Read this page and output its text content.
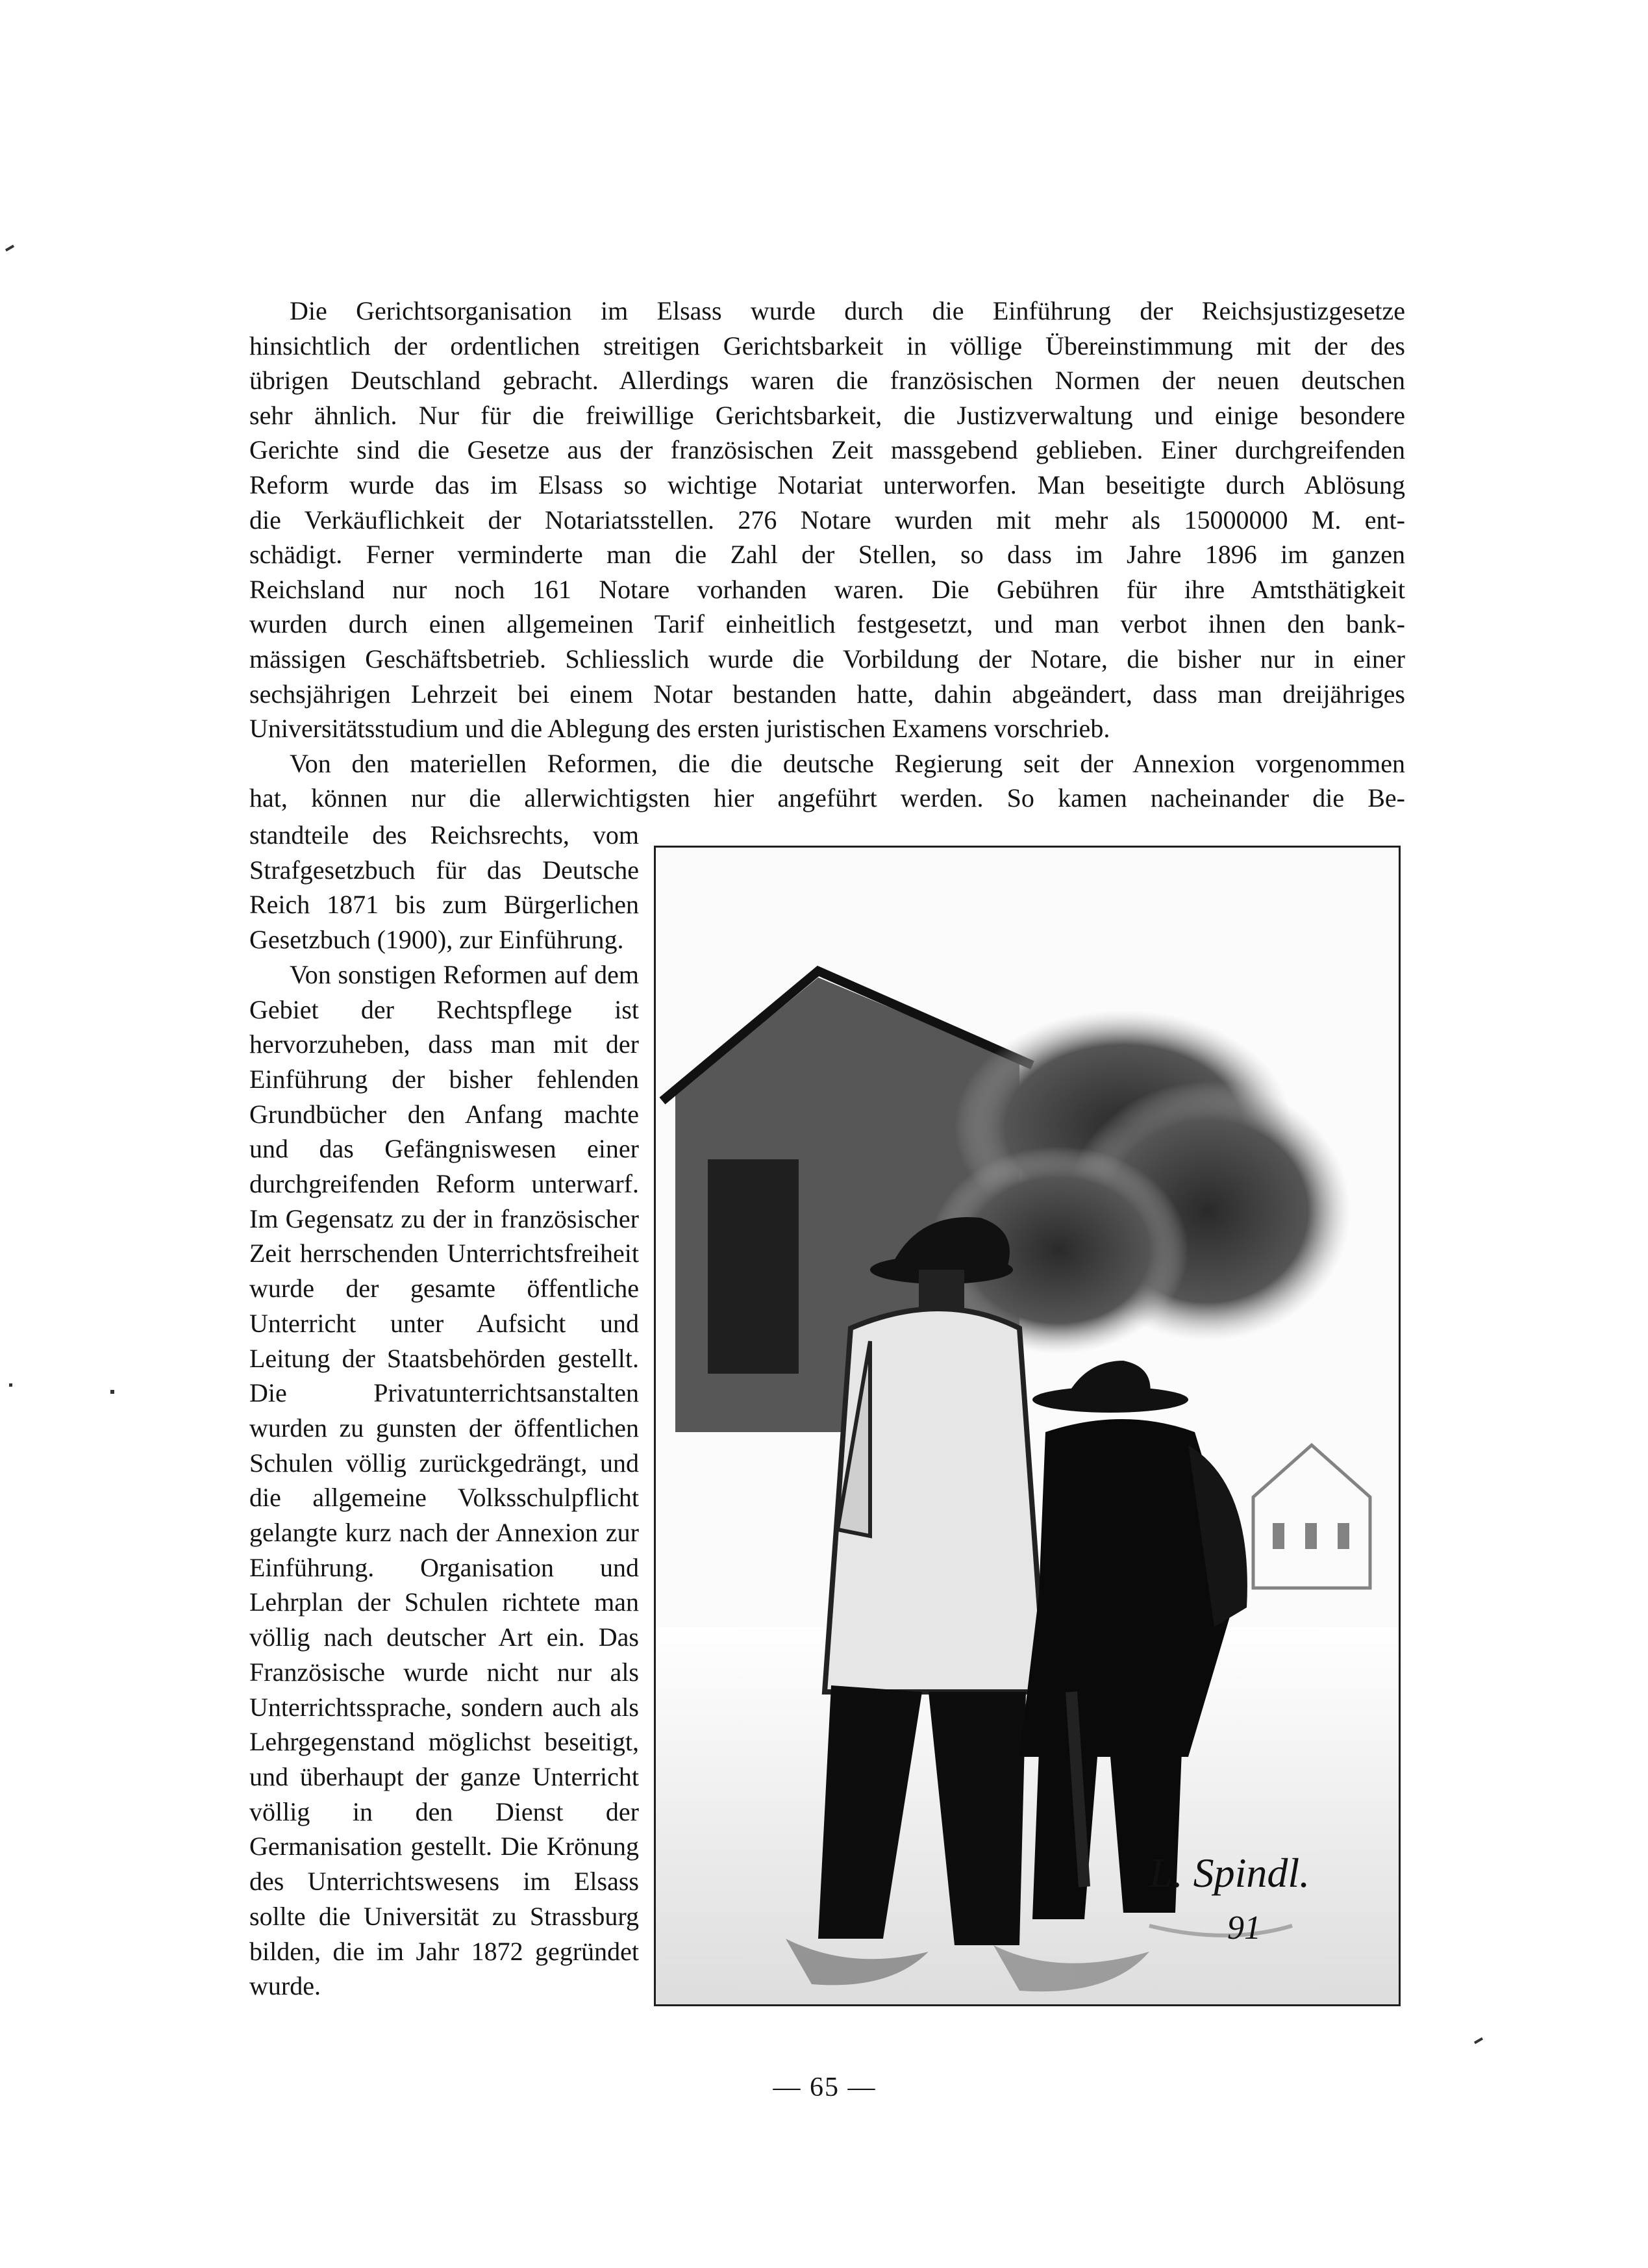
Die Gerichtsorganisation im Elsass wurde durch die Einführung der Reichsjustizgesetze
hinsichtlich der ordentlichen streitigen Gerichtsbarkeit in völlige Übereinstimmung mit der des
übrigen Deutschland gebracht. Allerdings waren die französischen Normen der neuen deutschen
sehr ähnlich. Nur für die freiwillige Gerichtsbarkeit, die Justizverwaltung und einige besondere
Gerichte sind die Gesetze aus der französischen Zeit massgebend geblieben. Einer durchgreifenden
Reform wurde das im Elsass so wichtige Notariat unterworfen. Man beseitigte durch Ablösung
die Verkäuflichkeit der Notariatsstellen. 276 Notare wurden mit mehr als 15000000 M. ent-
schädigt. Ferner verminderte man die Zahl der Stellen, so dass im Jahre 1896 im ganzen
Reichsland nur noch 161 Notare vorhanden waren. Die Gebühren für ihre Amtsthätigkeit
wurden durch einen allgemeinen Tarif einheitlich festgesetzt, und man verbot ihnen den bank-
mässigen Geschäftsbetrieb. Schliesslich wurde die Vorbildung der Notare, die bisher nur in einer
sechsjährigen Lehrzeit bei einem Notar bestanden hatte, dahin abgeändert, dass man dreijähriges

Universitätsstudium und die Ablegung des ersten juristischen Examens vorschrieb.

Von den materiellen Reformen, die die deutsche Regierung seit der Annexion vorgenommen
hat, können nur die allerwichtigsten hier angeführt werden. So kamen nacheinander die Be-

standteile des Reichsrechts, vom Strafgesetzbuch für das Deutsche Reich 1871 bis zum Bürgerlichen Gesetzbuch (1900), zur Einführung.

Von sonstigen Reformen auf dem Gebiet der Rechtspflege ist hervorzuheben, dass man mit der Einführung der bisher fehlenden Grundbücher den Anfang machte und das Gefängniswesen einer durchgreifenden Reform unterwarf. Im Gegensatz zu der in französischer Zeit herrschenden Unterrichtsfreiheit wurde der gesamte öffentliche Unterricht unter Aufsicht und Leitung der Staatsbehörden gestellt. Die Privatunterrichtsanstalten wurden zu gunsten der öffentlichen Schulen völlig zurückgedrängt, und die allgemeine Volksschulpflicht gelangte kurz nach der Annexion zur Einführung. Organisation und Lehrplan der Schulen richtete man völlig nach deutscher Art ein. Das Französische wurde nicht nur als Unterrichtssprache, sondern auch als Lehrgegenstand möglichst beseitigt, und überhaupt der ganze Unterricht völlig in den Dienst der Germanisation gestellt. Die Krönung des Unterrichtswesens im Elsass sollte die Universität zu Strassburg bilden, die im Jahr 1872 gegründet wurde.

L. Spindl.
91
— 65 —
